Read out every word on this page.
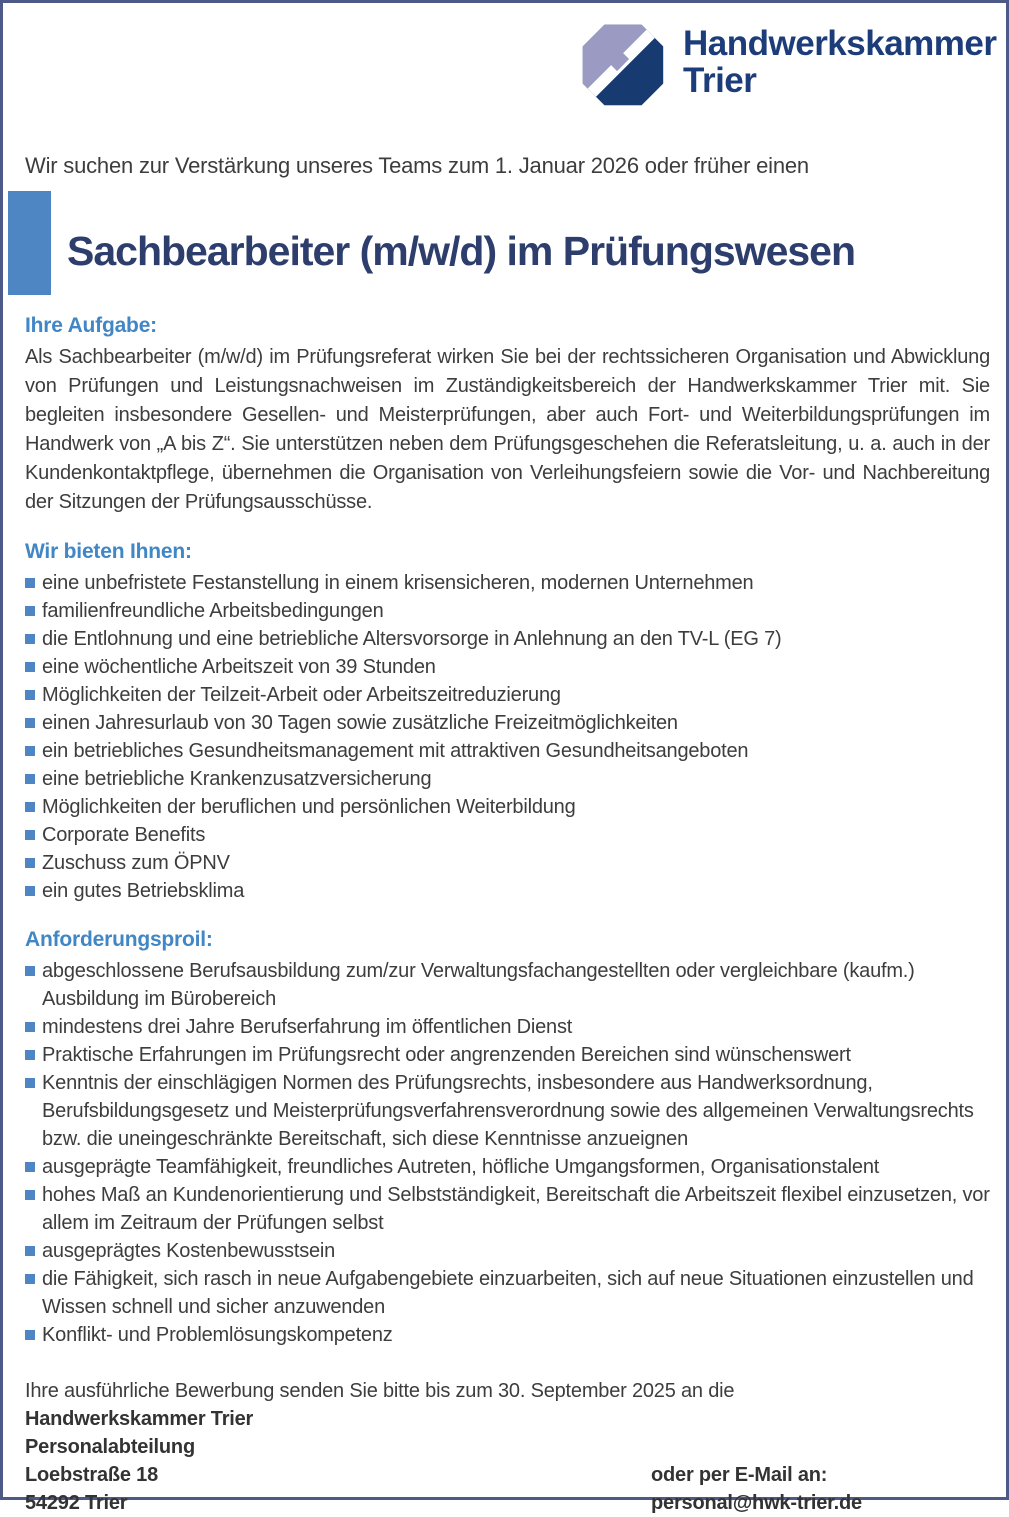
Handwerkskammer
Trier

Wir suchen zur Verstärkung unseres Teams zum 1. Januar 2026 oder früher einen

Sachbearbeiter (m/w/d) im Prüfungswesen
Ihre Aufgabe:

Als Sachbearbeiter (m/w/d) im Prüfungsreferat wirken Sie bei der rechtssicheren Organisation und Abwicklung von Prüfungen und Leistungsnachweisen im Zuständigkeitsbereich der Handwerkskammer Trier mit. Sie begleiten insbesondere Gesellen- und Meisterprüfungen, aber auch Fort- und Weiterbildungsprüfungen im Handwerk von „A bis Z“. Sie unterstützen neben dem Prüfungsgeschehen die Referatsleitung, u. a. auch in der Kundenkontaktpflege, übernehmen die Organisation von Verleihungsfeiern sowie die Vor- und Nachbereitung der Sitzungen der Prüfungsausschüsse.

Wir bieten Ihnen:
eine unbefristete Festanstellung in einem krisensicheren, modernen Unternehmen
familienfreundliche Arbeitsbedingungen
die Entlohnung und eine betriebliche Altersvorsorge in Anlehnung an den TV-L (EG 7)
eine wöchentliche Arbeitszeit von 39 Stunden
Möglichkeiten der Teilzeit-Arbeit oder Arbeitszeitreduzierung
einen Jahresurlaub von 30 Tagen sowie zusätzliche Freizeitmöglichkeiten
ein betriebliches Gesundheitsmanagement mit attraktiven Gesundheitsangeboten
eine betriebliche Krankenzusatzversicherung
Möglichkeiten der beruflichen und persönlichen Weiterbildung
Corporate Benefits
Zuschuss zum ÖPNV
ein gutes Betriebsklima
Anforderungsproil:
abgeschlossene Berufsausbildung zum/zur Verwaltungsfachangestellten oder vergleichbare (kaufm.) Ausbildung im Bürobereich
mindestens drei Jahre Berufserfahrung im öffentlichen Dienst
Praktische Erfahrungen im Prüfungsrecht oder angrenzenden Bereichen sind wünschenswert
Kenntnis der einschlägigen Normen des Prüfungsrechts, insbesondere aus Handwerksordnung, Berufsbildungsgesetz und Meisterprüfungsverfahrensverordnung sowie des allgemeinen Verwaltungsrechts bzw. die uneingeschränkte Bereitschaft, sich diese Kenntnisse anzueignen
ausgeprägte Teamfähigkeit, freundliches Autreten, höfliche Umgangsformen, Organisationstalent
hohes Maß an Kundenorientierung und Selbstständigkeit, Bereitschaft die Arbeitszeit flexibel einzusetzen, vor allem im Zeitraum der Prüfungen selbst
ausgeprägtes Kostenbewusstsein
die Fähigkeit, sich rasch in neue Aufgabengebiete einzuarbeiten, sich auf neue Situationen einzustellen und Wissen schnell und sicher anzuwenden
Konflikt- und Problemlösungskompetenz

Ihre ausführliche Bewerbung senden Sie bitte bis zum 30. September 2025 an die

Handwerkskammer Trier

Personalabteilung

Loebstraße 18	oder per E-Mail an:
54292 Trier	personal@hwk-trier.de
